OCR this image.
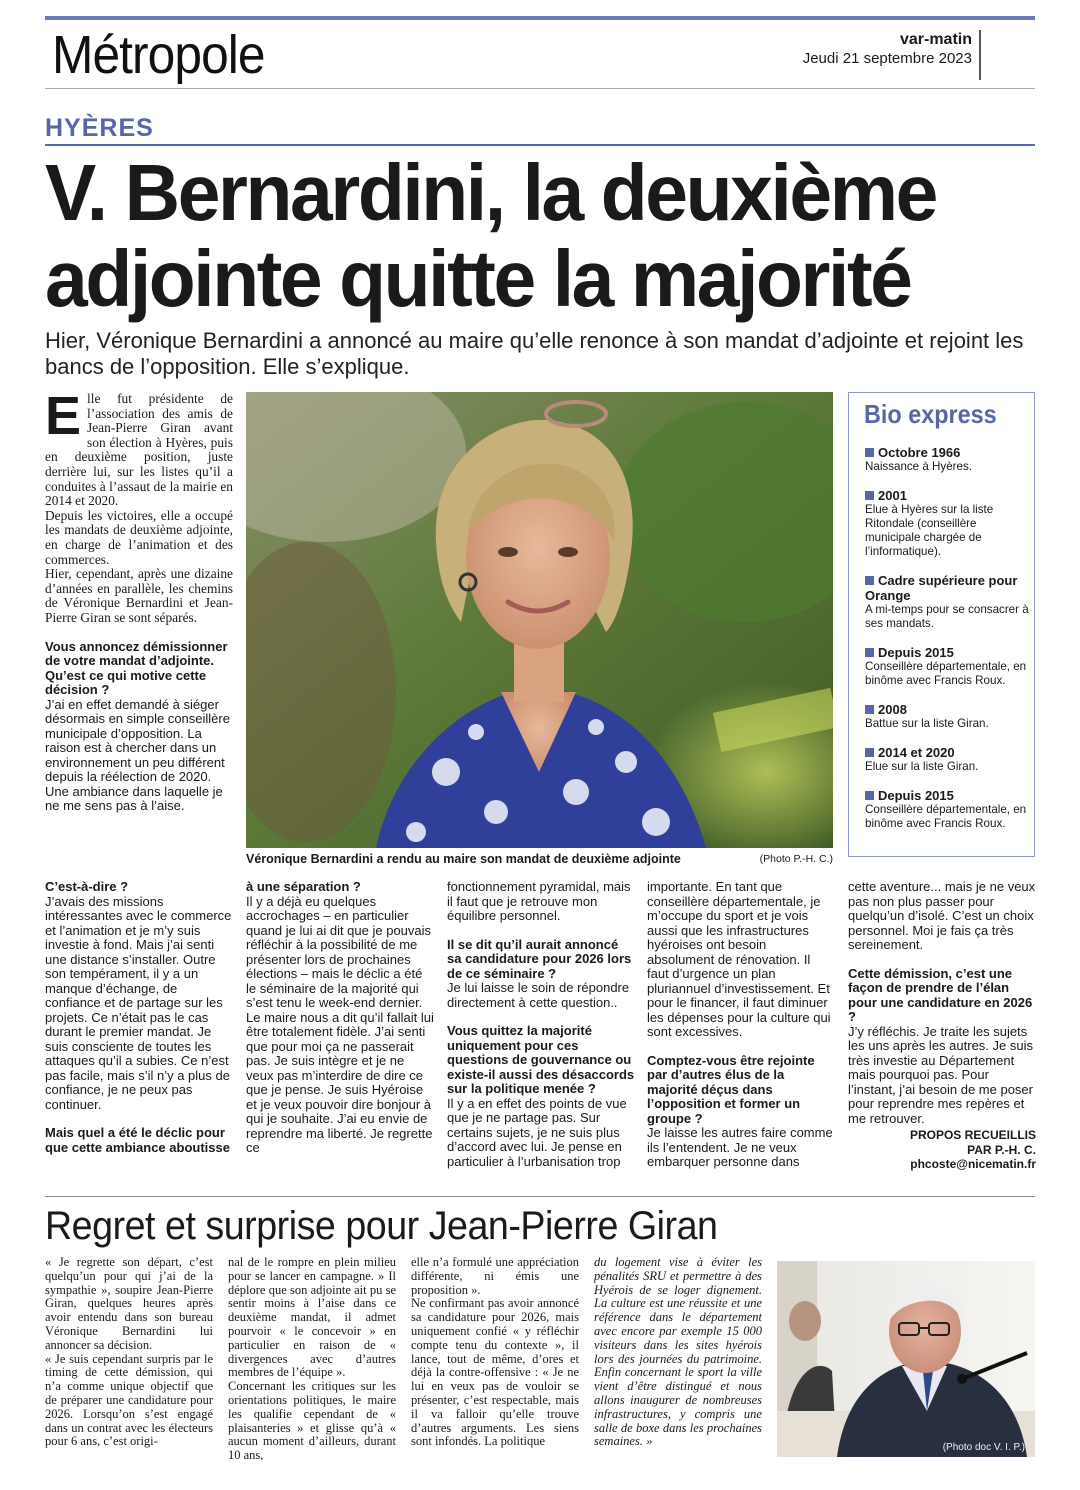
Métropole	var-matin
Jeudi 21 septembre 2023
HYÈRES
V. Bernardini, la deuxième adjointe quitte la majorité
Hier, Véronique Bernardini a annoncé au maire qu’elle renonce à son mandat d’adjointe et rejoint les bancs de l’opposition. Elle s’explique.

Elle fut présidente de l’association des amis de Jean-Pierre Giran avant son élection à Hyères, puis en deuxième position, juste derrière lui, sur les listes qu’il a conduites à l’assaut de la mairie en 2014 et 2020.

Depuis les victoires, elle a occupé les mandats de deuxième adjointe, en charge de l’animation et des commerces.

Hier, cependant, après une dizaine d’années en parallèle, les chemins de Véronique Bernardini et Jean-Pierre Giran se sont séparés.

Vous annoncez démissionner de votre mandat d’adjointe. Qu’est ce qui motive cette décision ?

J’ai en effet demandé à siéger désormais en simple conseillère municipale d’opposition. La raison est à chercher dans un environnement un peu différent depuis la réélection de 2020. Une ambiance dans laquelle je ne me sens pas à l’aise.

Véronique Bernardini a rendu au maire son mandat de deuxième adjointe	(Photo P.-H. C.)
Bio express
Octobre 1966
Naissance à Hyères.
2001
Elue à Hyères sur la liste Ritondale (conseillère municipale chargée de l’informatique).
Cadre supérieure pour Orange
A mi-temps pour se consacrer à ses mandats.
Depuis 2015
Conseillère départementale, en binôme avec Francis Roux.
2008
Battue sur la liste Giran.
2014 et 2020
Elue sur la liste Giran.
Depuis 2015
Conseillère départementale, en binôme avec Francis Roux.

C’est-à-dire ?

J’avais des missions intéressantes avec le commerce et l’animation et je m’y suis investie à fond. Mais j’ai senti une distance s’installer. Outre son tempérament, il y a un manque d’échange, de confiance et de partage sur les projets. Ce n’était pas le cas durant le premier mandat. Je suis consciente de toutes les attaques qu’il a subies. Ce n’est pas facile, mais s’il n’y a plus de confiance, je ne peux pas continuer.

Mais quel a été le déclic pour que cette ambiance aboutisse

à une séparation ?

Il y a déjà eu quelques accrochages – en particulier quand je lui ai dit que je pouvais réfléchir à la possibilité de me présenter lors de prochaines élections – mais le déclic a été le séminaire de la majorité qui s’est tenu le week-end dernier. Le maire nous a dit qu’il fallait lui être totalement fidèle. J’ai senti que pour moi ça ne passerait pas. Je suis intègre et je ne veux pas m’interdire de dire ce que je pense. Je suis Hyéroise et je veux pouvoir dire bonjour à qui je souhaite. J’ai eu envie de reprendre ma liberté. Je regrette ce

fonctionnement pyramidal, mais il faut que je retrouve mon équilibre personnel.

Il se dit qu’il aurait annoncé sa candidature pour 2026 lors de ce séminaire ?

Je lui laisse le soin de répondre directement à cette question..

Vous quittez la majorité uniquement pour ces questions de gouvernance ou existe-il aussi des désaccords sur la politique menée ?

Il y a en effet des points de vue que je ne partage pas. Sur certains sujets, je ne suis plus d’accord avec lui. Je pense en particulier à l’urbanisation trop

importante. En tant que conseillère départementale, je m’occupe du sport et je vois aussi que les infrastructures hyéroises ont besoin absolument de rénovation. Il faut d’urgence un plan pluriannuel d’investissement. Et pour le financer, il faut diminuer les dépenses pour la culture qui sont excessives.

Comptez-vous être rejointe par d’autres élus de la majorité déçus dans l’opposition et former un groupe ?

Je laisse les autres faire comme ils l’entendent. Je ne veux embarquer personne dans

cette aventure... mais je ne veux pas non plus passer pour quelqu’un d’isolé. C’est un choix personnel. Moi je fais ça très sereinement.

Cette démission, c’est une façon de prendre de l’élan pour une candidature en 2026 ?

J’y réfléchis. Je traite les sujets les uns après les autres. Je suis très investie au Département mais pourquoi pas. Pour l’instant, j’ai besoin de me poser pour reprendre mes repères et me retrouver.

PROPOS RECUEILLIS
PAR P.-H. C.
phcoste@nicematin.fr
Regret et surprise pour Jean-Pierre Giran
« Je regrette son départ, c’est quelqu’un pour qui j’ai de la sympathie », soupire Jean-Pierre Giran, quelques heures après avoir entendu dans son bureau Véronique Bernardini lui annoncer sa décision.
« Je suis cependant surpris par le timing de cette démission, qui n’a comme unique objectif que de préparer une candidature pour 2026. Lorsqu’on s’est engagé dans un contrat avec les électeurs pour 6 ans, c’est origi-
nal de le rompre en plein milieu pour se lancer en campagne. » Il déplore que son adjointe ait pu se sentir moins à l’aise dans ce deuxième mandat, il admet pourvoir « le concevoir » en particulier en raison de « divergences avec d’autres membres de l’équipe ».
Concernant les critiques sur les orientations politiques, le maire les qualifie cependant de « plaisanteries » et glisse qu’à « aucun moment d’ailleurs, durant 10 ans,
elle n’a formulé une appréciation différente, ni émis une proposition ».
Ne confirmant pas avoir annoncé sa candidature pour 2026, mais uniquement confié « y réfléchir compte tenu du contexte », il lance, tout de même, d’ores et déjà la contre-offensive : « Je ne lui en veux pas de vouloir se présenter, c’est respectable, mais il va falloir qu’elle trouve d’autres arguments. Les siens sont infondés. La politique
du logement vise à éviter les pénalités SRU et permettre à des Hyérois de se loger dignement. La culture est une réussite et une référence dans le département avec encore par exemple 15 000 visiteurs dans les sites hyérois lors des journées du patrimoine. Enfin concernant le sport la ville vient d’être distingué et nous allons inaugurer de nombreuses infrastructures, y compris une salle de boxe dans les prochaines semaines. »	(Photo doc V. I. P.)
